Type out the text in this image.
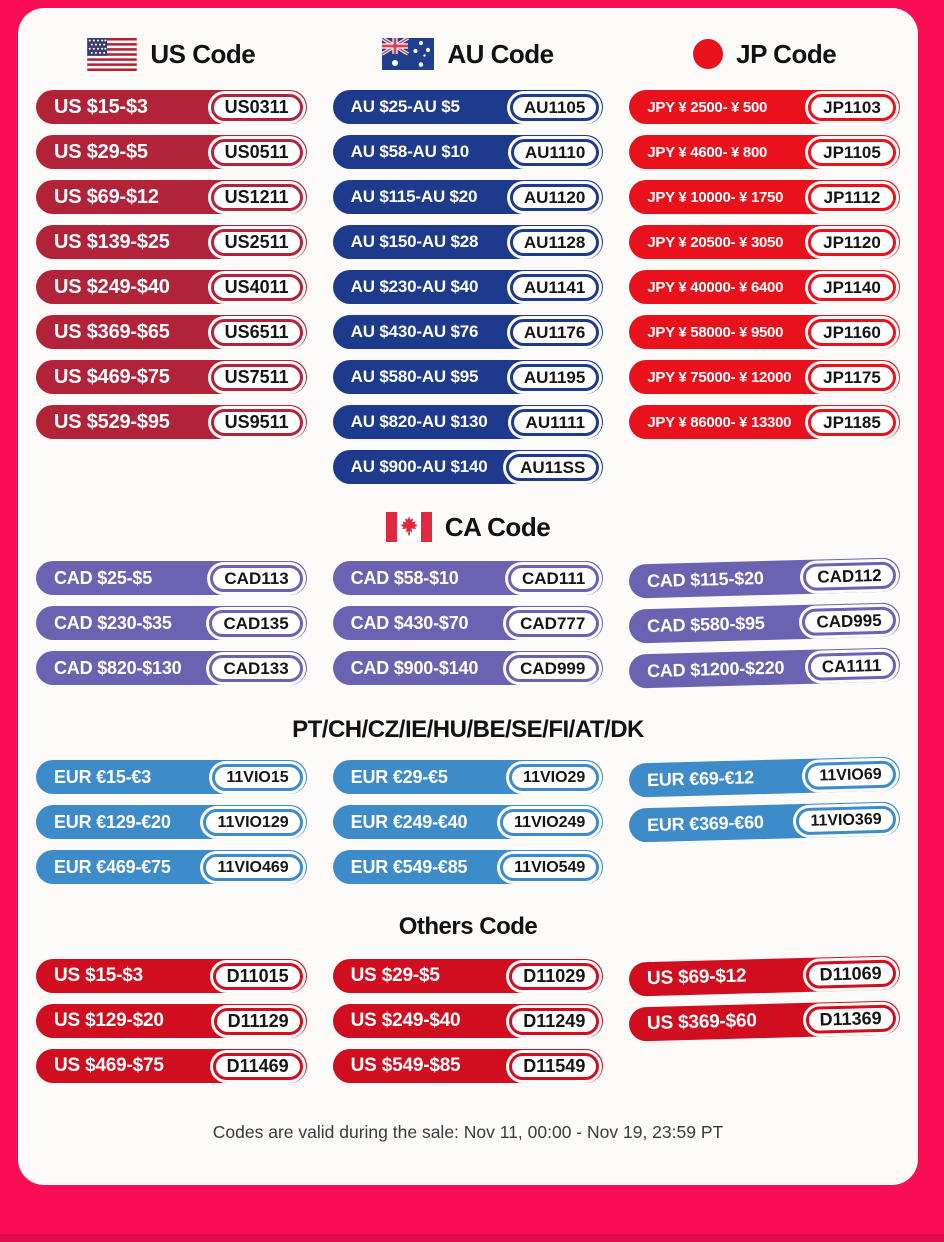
US Code
US $15-$3	US0311
US $29-$5	US0511
US $69-$12	US1211
US $139-$25	US2511
US $249-$40	US4011
US $369-$65	US6511
US $469-$75	US7511
US $529-$95	US9511
AU Code
AU $25-AU $5	AU1105
AU $58-AU $10	AU1110
AU $115-AU $20	AU1120
AU $150-AU $28	AU1128
AU $230-AU $40	AU1141
AU $430-AU $76	AU1176
AU $580-AU $95	AU1195
AU $820-AU $130	AU1111
AU $900-AU $140	AU11SS
JP Code
JPY ¥ 2500- ¥ 500	JP1103
JPY ¥ 4600- ¥ 800	JP1105
JPY ¥ 10000- ¥ 1750	JP1112
JPY ¥ 20500- ¥ 3050	JP1120
JPY ¥ 40000- ¥ 6400	JP1140
JPY ¥ 58000- ¥ 9500	JP1160
JPY ¥ 75000- ¥ 12000	JP1175
JPY ¥ 86000- ¥ 13300	JP1185
CA Code
CAD $25-$5	CAD113	CAD $58-$10	CAD111	CAD $115-$20	CAD112
CAD $230-$35	CAD135	CAD $430-$70	CAD777	CAD $580-$95	CAD995
CAD $820-$130	CAD133	CAD $900-$140	CAD999	CAD $1200-$220	CA1111
PT/CH/CZ/IE/HU/BE/SE/FI/AT/DK
EUR €15-€3	11VIO15	EUR €29-€5	11VIO29	EUR €69-€12	11VIO69
EUR €129-€20	11VIO129	EUR €249-€40	11VIO249	EUR €369-€60	11VIO369
EUR €469-€75	11VIO469	EUR €549-€85	11VIO549
Others Code
US $15-$3	D11015	US $29-$5	D11029	US $69-$12	D11069
US $129-$20	D11129	US $249-$40	D11249	US $369-$60	D11369
US $469-$75	D11469	US $549-$85	D11549
Codes are valid during the sale: Nov 11, 00:00 - Nov 19, 23:59 PT
